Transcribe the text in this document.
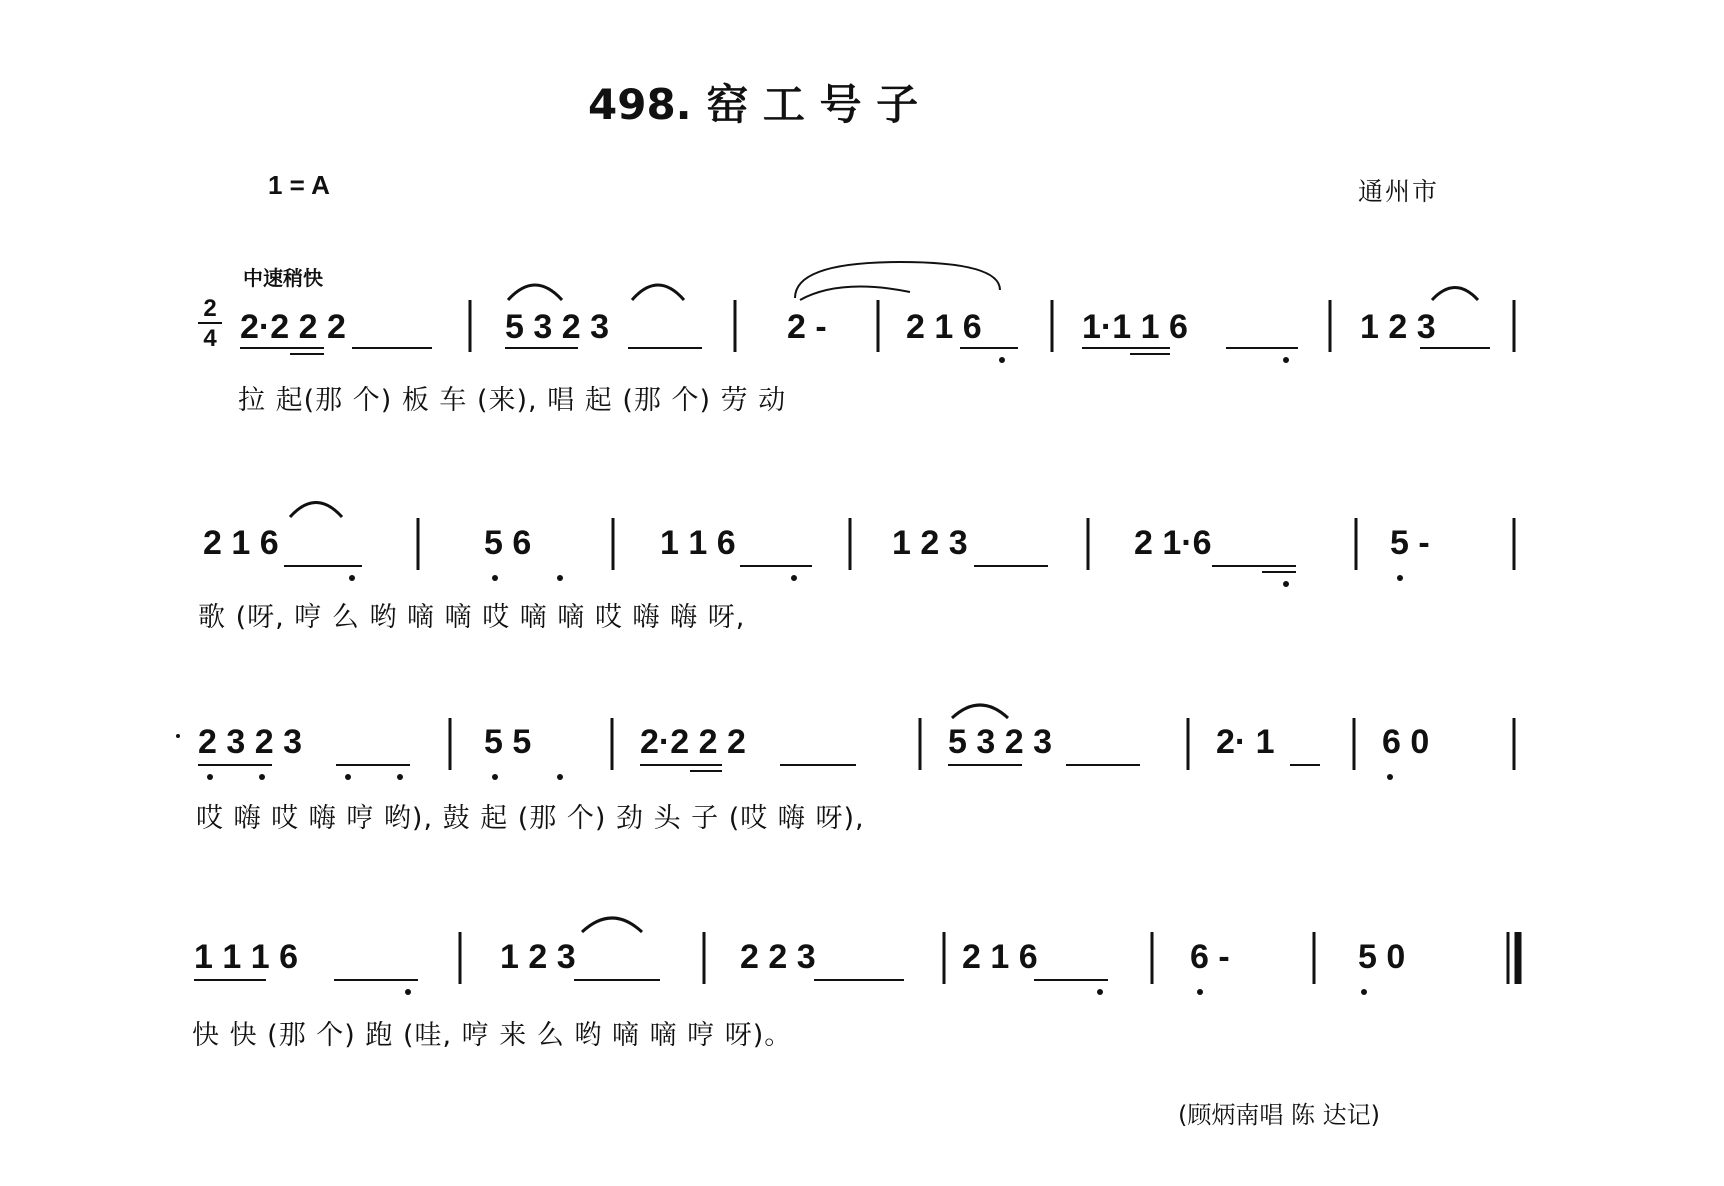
498. 窑 工 号 子
1 = A	通州市
中速稍快
2
4 2·2 2 2	5 3 2 3	2 - 2 1 6	1·1 1 6	1 2 3
拉 起(那 个) 板 车 (来), 唱 起 (那 个) 劳 动
2 1 6	5 6	1 1 6	1 2 3	2 1·6	5 -
歌 (呀, 哼 么 哟 嘀 嘀 哎 嘀 嘀 哎 嗨 嗨 呀,
2 3 2 3	5 5	2·2 2 2	5 3 2 3	2· 1	6 0
哎 嗨 哎 嗨 哼 哟), 鼓 起 (那 个) 劲 头 子 (哎 嗨 呀),
1 1 1 6	1 2 3	2 2 3	2 1 6	6 -	5 0
快 快 (那 个) 跑 (哇, 哼 来 么 哟 嘀 嘀 哼 呀)。
(顾炳南唱 陈 达记)
